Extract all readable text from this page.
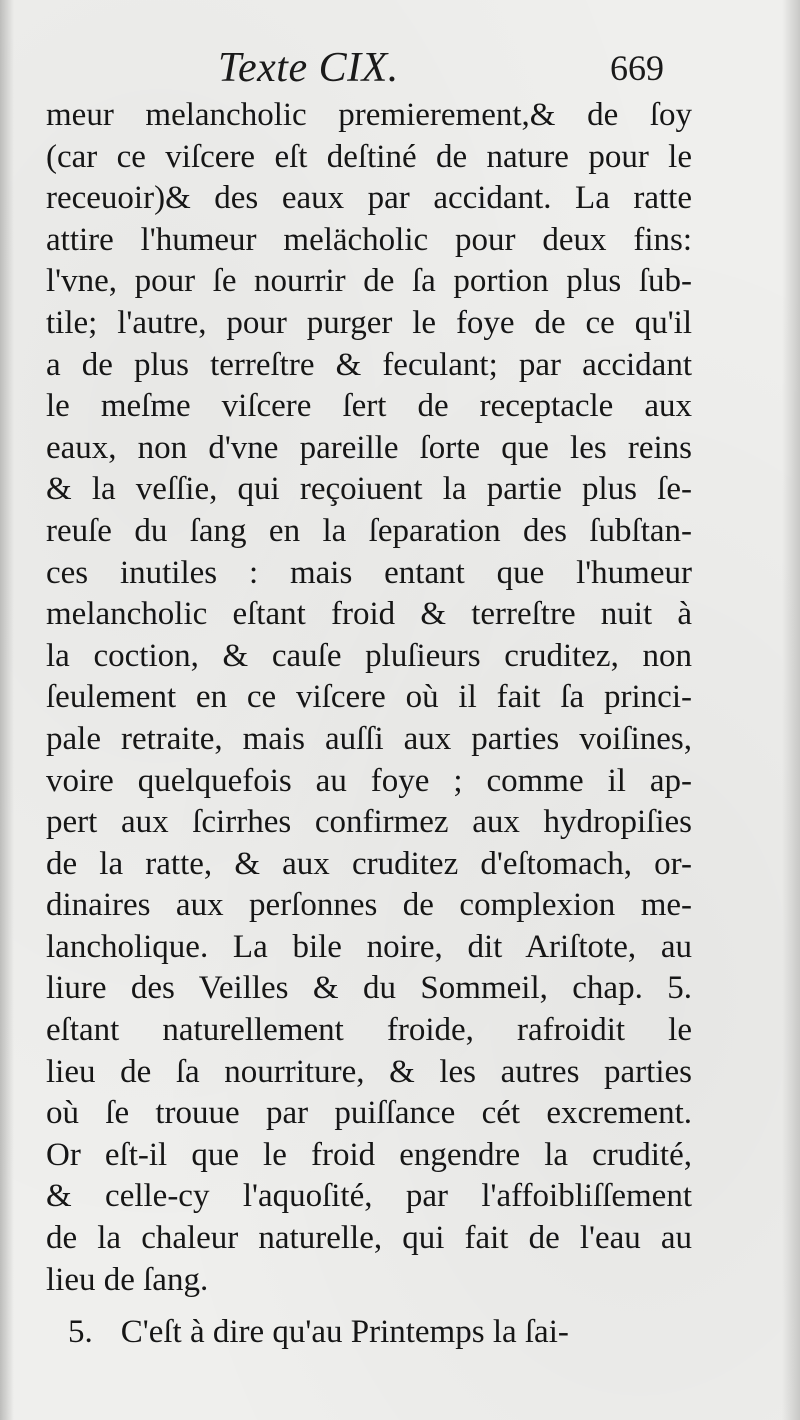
Texte CIX.	669
meur melancholic premierement,& de ſoy
(car ce viſcere eſt deſtiné de nature pour le
receuoir)& des eaux par accidant. La ratte
attire l'humeur melächolic pour deux fins:
l'vne, pour ſe nourrir de ſa portion plus ſub-
tile; l'autre, pour purger le foye de ce qu'il
a de plus terreſtre & feculant; par accidant
le meſme viſcere ſert de receptacle aux
eaux, non d'vne pareille ſorte que les reins
& la veſſie, qui reçoiuent la partie plus ſe-
reuſe du ſang en la ſeparation des ſubſtan-
ces inutiles : mais entant que l'humeur
melancholic eſtant froid & terreſtre nuit à
la coction, & cauſe pluſieurs cruditez, non
ſeulement en ce viſcere où il fait ſa princi-
pale retraite, mais auſſi aux parties voiſines,
voire quelquefois au foye ; comme il ap-
pert aux ſcirrhes confirmez aux hydropiſies
de la ratte, & aux cruditez d'eſtomach, or-
dinaires aux perſonnes de complexion me-
lancholique. La bile noire, dit Ariſtote, au
liure des Veilles & du Sommeil, chap. 5.
eſtant naturellement froide, rafroidit le
lieu de ſa nourriture, & les autres parties
où ſe trouue par puiſſance cét excrement.
Or eſt-il que le froid engendre la crudité,
& celle-cy l'aquoſité, par l'affoibliſſement
de la chaleur naturelle, qui fait de l'eau au
lieu de ſang.
5. C'eſt à dire qu'au Printemps la ſai-
